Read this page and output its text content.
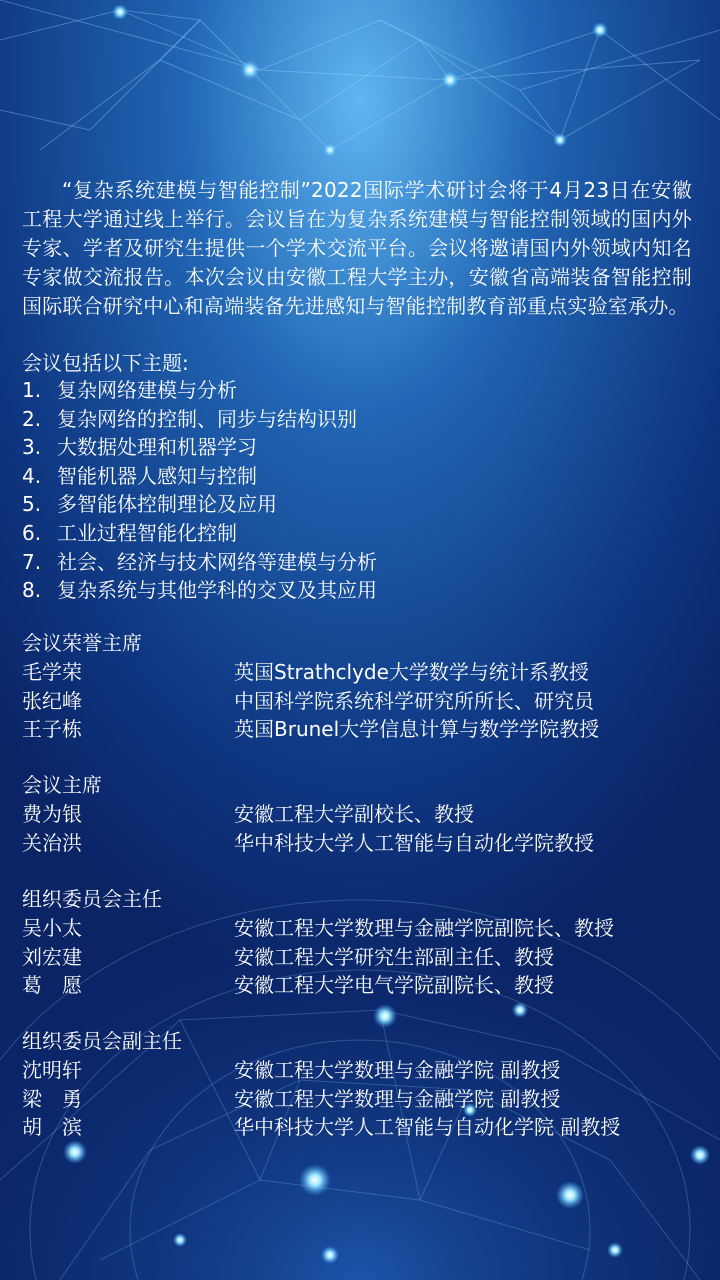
“复杂系统建模与智能控制”2022国际学术研讨会将于4月23日在安徽工程大学通过线上举行。会议旨在为复杂系统建模与智能控制领域的国内外专家、学者及研究生提供一个学术交流平台。会议将邀请国内外领域内知名专家做交流报告。本次会议由安徽工程大学主办，安徽省高端装备智能控制国际联合研究中心和高端装备先进感知与智能控制教育部重点实验室承办。
会议包括以下主题:
1. 复杂网络建模与分析
2. 复杂网络的控制、同步与结构识别
3. 大数据处理和机器学习
4. 智能机器人感知与控制
5. 多智能体控制理论及应用
6. 工业过程智能化控制
7. 社会、经济与技术网络等建模与分析
8. 复杂系统与其他学科的交叉及其应用
会议荣誉主席
毛学荣	英国Strathclyde大学数学与统计系教授
张纪峰	中国科学院系统科学研究所所长、研究员
王子栋	英国Brunel大学信息计算与数学学院教授
会议主席
费为银	安徽工程大学副校长、教授
关治洪	华中科技大学人工智能与自动化学院教授
组织委员会主任
吴小太	安徽工程大学数理与金融学院副院长、教授
刘宏建	安徽工程大学研究生部副主任、教授
葛　愿	安徽工程大学电气学院副院长、教授
组织委员会副主任
沈明轩	安徽工程大学数理与金融学院 副教授
梁　勇	安徽工程大学数理与金融学院 副教授
胡　滨	华中科技大学人工智能与自动化学院 副教授
